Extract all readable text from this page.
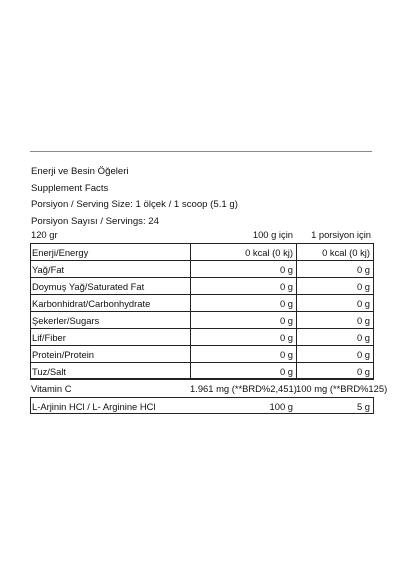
Enerji ve Besin Öğeleri
Supplement Facts
Porsiyon / Serving Size: 1 ölçek / 1 scoop (5.1 g)
Porsiyon Sayısı / Servings: 24
120 gr	100 g için	1 porsiyon için
Enerji/Energy	0 kcal (0 kj)	0 kcal (0 kj)
Yağ/Fat	0 g	0 g
Doymuş Yağ/Saturated Fat	0 g	0 g
Karbonhidrat/Carbonhydrate	0 g	0 g
Şekerler/Sugars	0 g	0 g
Lif/Fiber	0 g	0 g
Protein/Protein	0 g	0 g
Tuz/Salt	0 g	0 g
Vitamin C	1.961 mg (**BRD%2,451) 100 mg (**BRD%125)
L-Arjinin HCl / L- Arginine HCl	100 g	5 g
